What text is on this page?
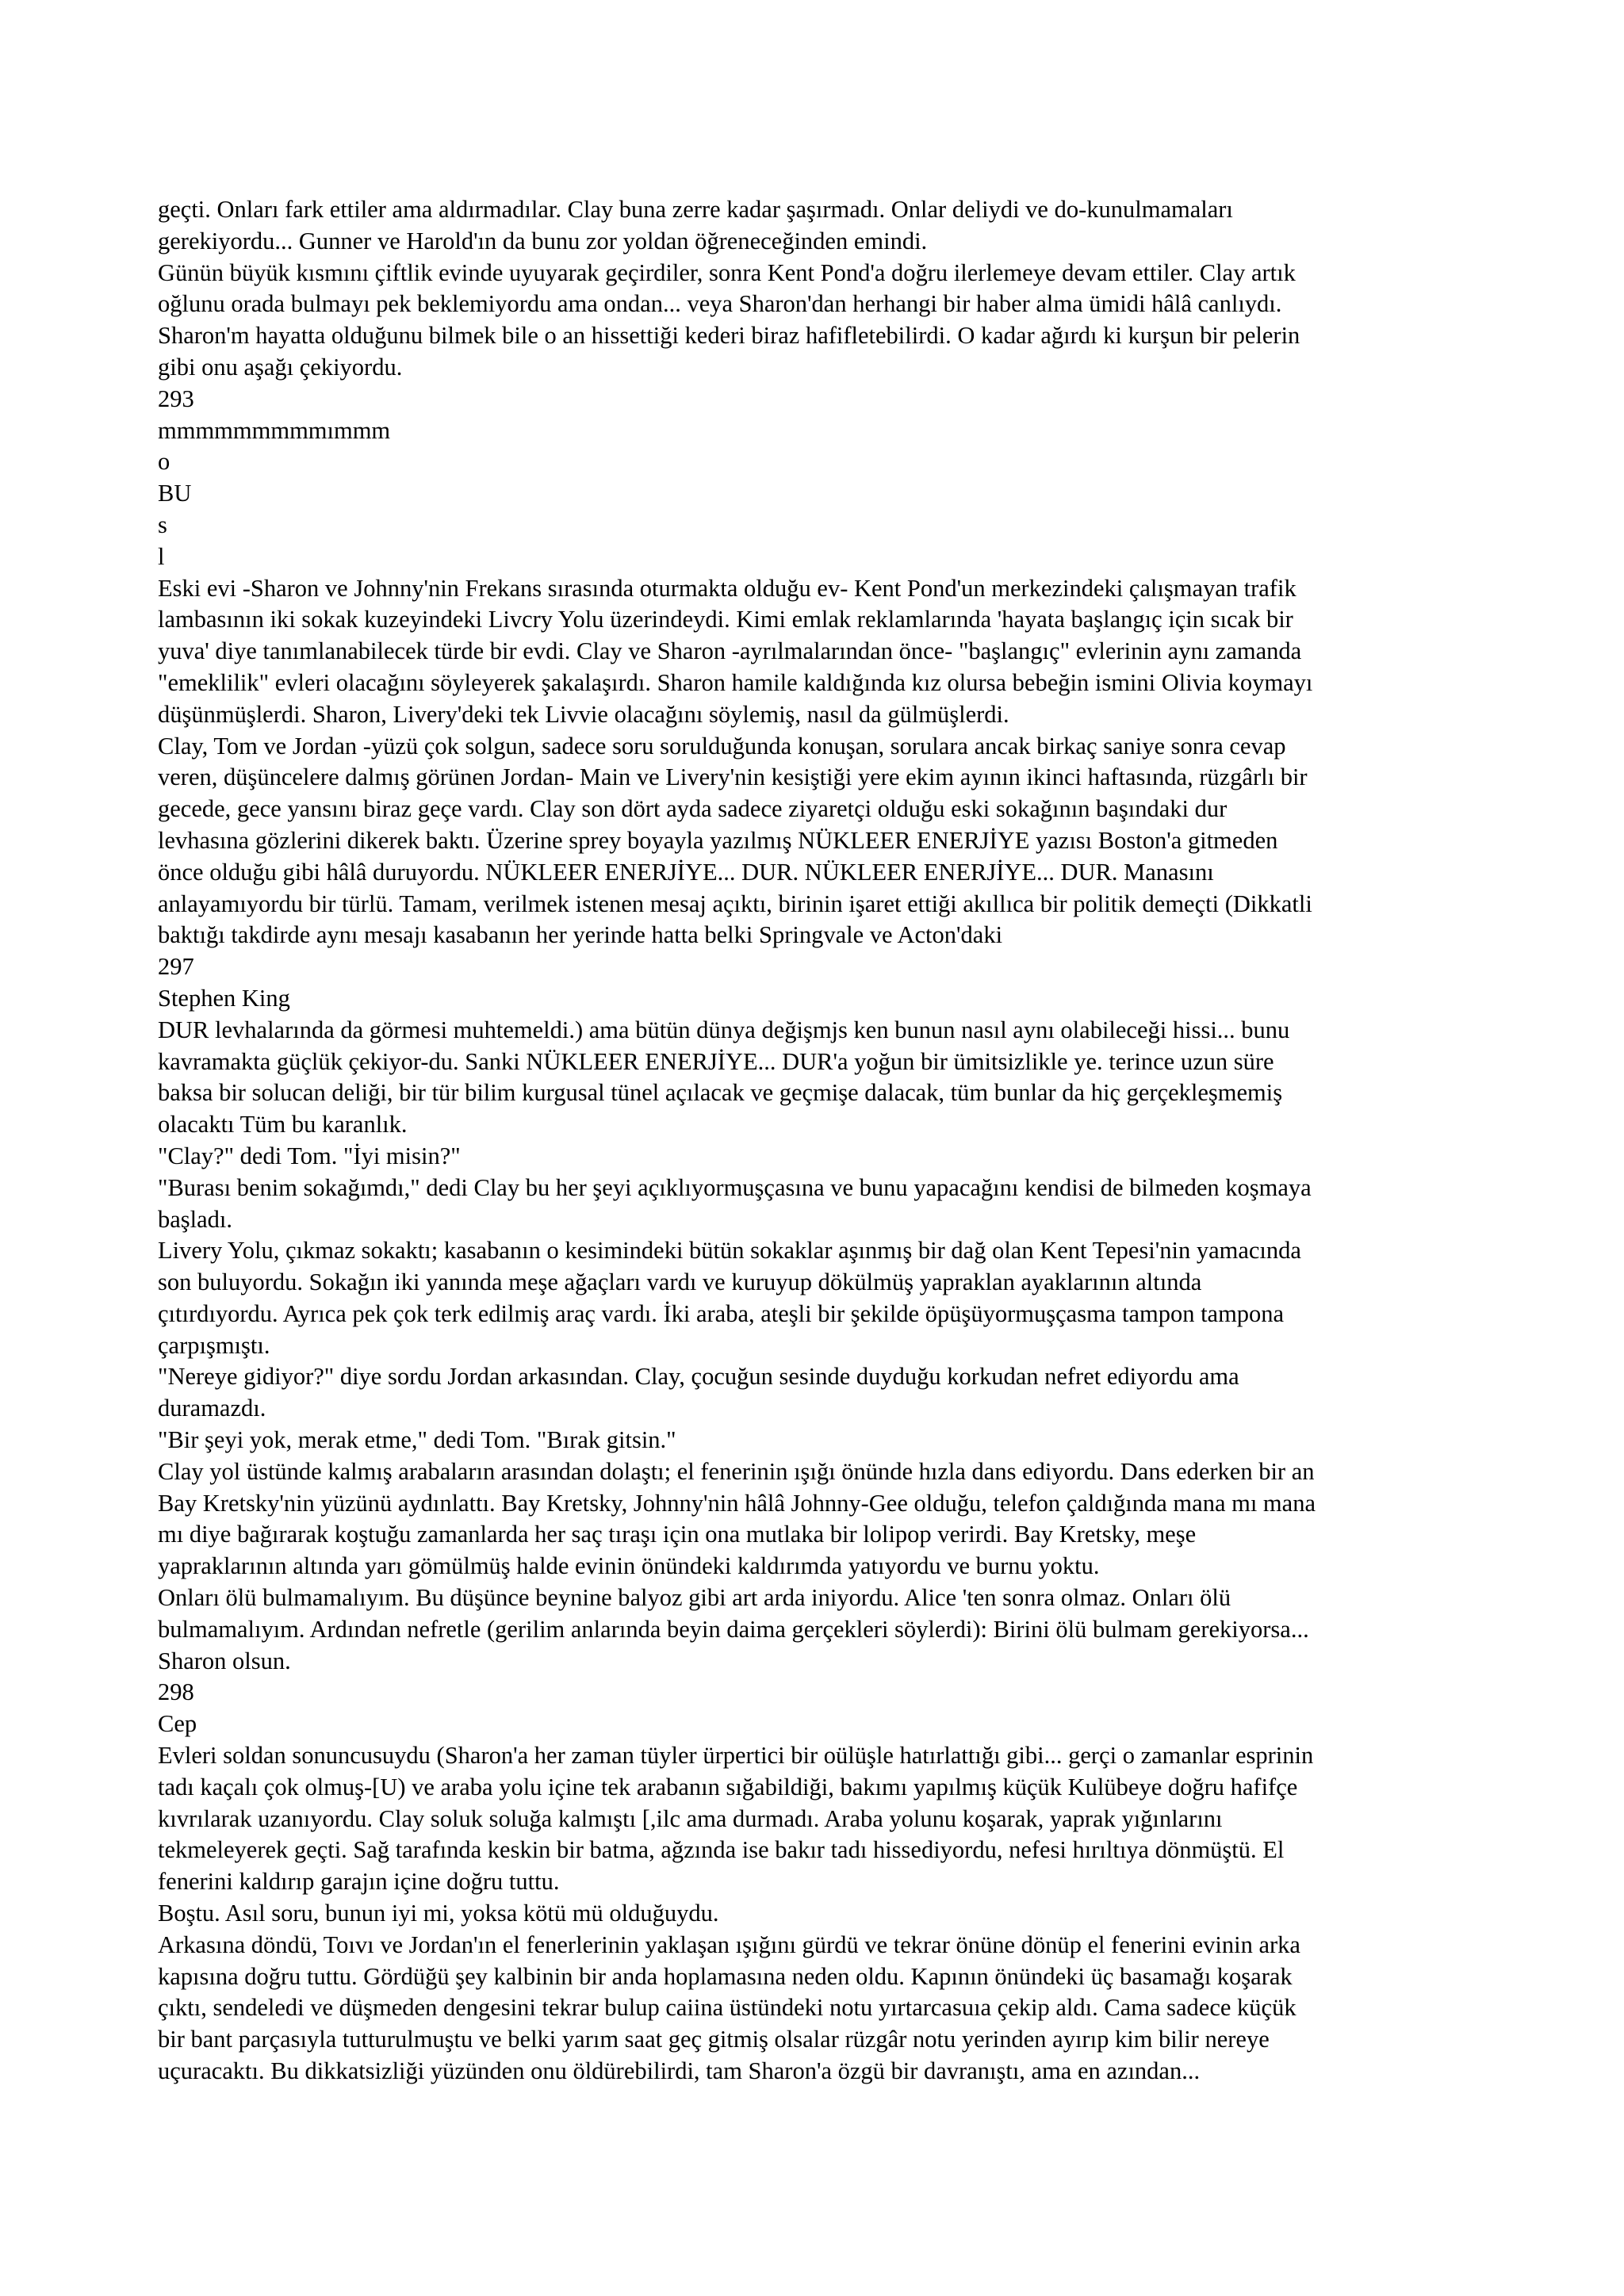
geçti. Onları fark ettiler ama aldırmadılar. Clay buna zerre kadar şaşırmadı. Onlar deliydi ve do-kunulmamaları

gerekiyordu... Gunner ve Harold'ın da bunu zor yoldan öğreneceğinden emindi.

Günün büyük kısmını çiftlik evinde uyuyarak geçirdiler, sonra Kent Pond'a doğru ilerlemeye devam ettiler. Clay artık

oğlunu orada bulmayı pek beklemiyordu ama ondan... veya Sharon'dan herhangi bir haber alma ümidi hâlâ canlıydı.

Sharon'm hayatta olduğunu bilmek bile o an hissettiği kederi biraz hafifletebilirdi. O kadar ağırdı ki kurşun bir pelerin

gibi onu aşağı çekiyordu.

293

mmmmmmmmmımmm

o

BU

s

l

Eski evi -Sharon ve Johnny'nin Frekans sırasında oturmakta olduğu ev- Kent Pond'un merkezindeki çalışmayan trafik

lambasının iki sokak kuzeyindeki Livcry Yolu üzerindeydi. Kimi emlak reklamlarında 'hayata başlangıç için sıcak bir

yuva' diye tanımlanabilecek türde bir evdi. Clay ve Sharon -ayrılmalarından önce- "başlangıç" evlerinin aynı zamanda

"emeklilik" evleri olacağını söyleyerek şakalaşırdı. Sharon hamile kaldığında kız olursa bebeğin ismini Olivia koymayı

düşünmüşlerdi. Sharon, Livery'deki tek Livvie olacağını söylemiş, nasıl da gülmüşlerdi.

Clay, Tom ve Jordan -yüzü çok solgun, sadece soru sorulduğunda konuşan, sorulara ancak birkaç saniye sonra cevap

veren, düşüncelere dalmış görünen Jordan- Main ve Livery'nin kesiştiği yere ekim ayının ikinci haftasında, rüzgârlı bir

gecede, gece yansını biraz geçe vardı. Clay son dört ayda sadece ziyaretçi olduğu eski sokağının başındaki dur

levhasına gözlerini dikerek baktı. Üzerine sprey boyayla yazılmış NÜKLEER ENERJİYE yazısı Boston'a gitmeden

önce olduğu gibi hâlâ duruyordu. NÜKLEER ENERJİYE... DUR. NÜKLEER ENERJİYE... DUR. Manasını

anlayamıyordu bir türlü. Tamam, verilmek istenen mesaj açıktı, birinin işaret ettiği akıllıca bir politik demeçti (Dikkatli

baktığı takdirde aynı mesajı kasabanın her yerinde hatta belki Springvale ve Acton'daki

297

Stephen King

DUR levhalarında da görmesi muhtemeldi.) ama bütün dünya değişmjs ken bunun nasıl aynı olabileceği hissi... bunu

kavramakta güçlük çekiyor-du. Sanki NÜKLEER ENERJİYE... DUR'a yoğun bir ümitsizlikle ye. terince uzun süre

baksa bir solucan deliği, bir tür bilim kurgusal tünel açılacak ve geçmişe dalacak, tüm bunlar da hiç gerçekleşmemiş

olacaktı Tüm bu karanlık.

"Clay?" dedi Tom. "İyi misin?"

"Burası benim sokağımdı," dedi Clay bu her şeyi açıklıyormuşçasına ve bunu yapacağını kendisi de bilmeden koşmaya

başladı.

Livery Yolu, çıkmaz sokaktı; kasabanın o kesimindeki bütün sokaklar aşınmış bir dağ olan Kent Tepesi'nin yamacında

son buluyordu. Sokağın iki yanında meşe ağaçları vardı ve kuruyup dökülmüş yapraklan ayaklarının altında

çıtırdıyordu. Ayrıca pek çok terk edilmiş araç vardı. İki araba, ateşli bir şekilde öpüşüyormuşçasma tampon tampona

çarpışmıştı.

"Nereye gidiyor?" diye sordu Jordan arkasından. Clay, çocuğun sesinde duyduğu korkudan nefret ediyordu ama

duramazdı.

"Bir şeyi yok, merak etme," dedi Tom. "Bırak gitsin."

Clay yol üstünde kalmış arabaların arasından dolaştı; el fenerinin ışığı önünde hızla dans ediyordu. Dans ederken bir an

Bay Kretsky'nin yüzünü aydınlattı. Bay Kretsky, Johnny'nin hâlâ Johnny-Gee olduğu, telefon çaldığında mana mı mana

mı diye bağırarak koştuğu zamanlarda her saç tıraşı için ona mutlaka bir lolipop verirdi. Bay Kretsky, meşe

yapraklarının altında yarı gömülmüş halde evinin önündeki kaldırımda yatıyordu ve burnu yoktu.

Onları ölü bulmamalıyım. Bu düşünce beynine balyoz gibi art arda iniyordu. Alice 'ten sonra olmaz. Onları ölü

bulmamalıyım. Ardından nefretle (gerilim anlarında beyin daima gerçekleri söylerdi): Birini ölü bulmam gerekiyorsa...

Sharon olsun.

298

Cep

Evleri soldan sonuncusuydu (Sharon'a her zaman tüyler ürpertici bir oülüşle hatırlattığı gibi... gerçi o zamanlar esprinin

tadı kaçalı çok olmuş-[U) ve araba yolu içine tek arabanın sığabildiği, bakımı yapılmış küçük Kulübeye doğru hafifçe

kıvrılarak uzanıyordu. Clay soluk soluğa kalmıştı [,ilc ama durmadı. Araba yolunu koşarak, yaprak yığınlarını

tekmeleyerek geçti. Sağ tarafında keskin bir batma, ağzında ise bakır tadı hissediyordu, nefesi hırıltıya dönmüştü. El

fenerini kaldırıp garajın içine doğru tuttu.

Boştu. Asıl soru, bunun iyi mi, yoksa kötü mü olduğuydu.

Arkasına döndü, Toıvı ve Jordan'ın el fenerlerinin yaklaşan ışığını gürdü ve tekrar önüne dönüp el fenerini evinin arka

kapısına doğru tuttu. Gördüğü şey kalbinin bir anda hoplamasına neden oldu. Kapının önündeki üç basamağı koşarak

çıktı, sendeledi ve düşmeden dengesini tekrar bulup caiina üstündeki notu yırtarcasuıa çekip aldı. Cama sadece küçük

bir bant parçasıyla tutturulmuştu ve belki yarım saat geç gitmiş olsalar rüzgâr notu yerinden ayırıp kim bilir nereye

uçuracaktı. Bu dikkatsizliği yüzünden onu öldürebilirdi, tam Sharon'a özgü bir davranıştı, ama en azından...
